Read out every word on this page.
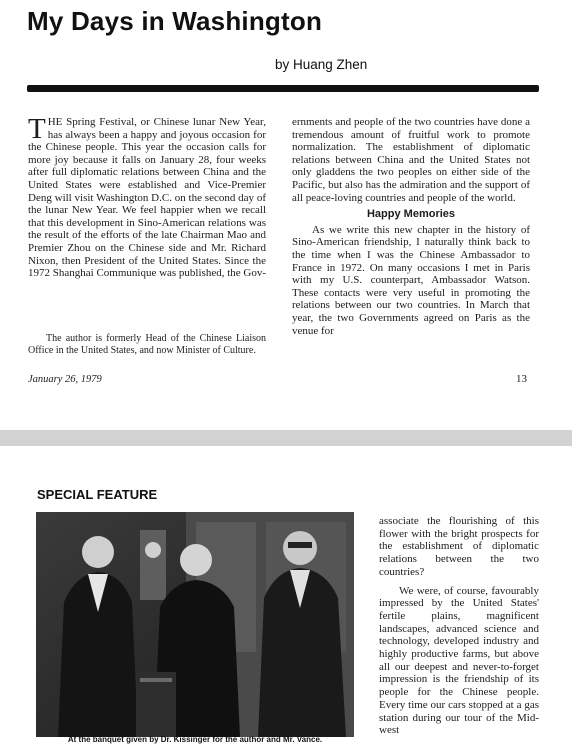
My Days in Washington
by Huang Zhen

THE Spring Festival, or Chinese lunar New Year, has always been a happy and joyous occasion for the Chinese people. This year the occasion calls for more joy because it falls on January 28, four weeks after full diplomatic relations between China and the United States were established and Vice-Premier Deng will visit Washington D.C. on the second day of the lunar New Year. We feel happier when we recall that this development in Sino-American relations was the result of the efforts of the late Chairman Mao and Premier Zhou on the Chinese side and Mr. Richard Nixon, then President of the United States. Since the 1972 Shanghai Communique was published, the Gov-

ernments and people of the two countries have done a tremendous amount of fruitful work to promote normalization. The establishment of diplomatic relations between China and the United States not only gladdens the two peoples on either side of the Pacific, but also has the admiration and the support of all peace-loving countries and people of the world.

Happy Memories

As we write this new chapter in the history of Sino-American friendship, I naturally think back to the time when I was the Chinese Ambassador to France in 1972. On many occasions I met in Paris with my U.S. counterpart, Ambassador Watson. These contacts were very useful in promoting the relations between our two countries. In March that year, the two Governments agreed on Paris as the venue for

The author is formerly Head of the Chinese Liaison Office in the United States, and now Minister of Culture.
January 26, 1979	13
SPECIAL FEATURE
At the banquet given by Dr. Kissinger for the author and Mr. Vance.

associate the flourishing of this flower with the bright prospects for the establishment of diplomatic relations between the two countries?

We were, of course, favourably impressed by the United States' fertile plains, magnificent landscapes, advanced science and technology, developed industry and highly productive farms, but above all our deepest and never-to-forget impression is the friendship of its people for the Chinese people. Every time our cars stopped at a gas station during our tour of the Mid-west
